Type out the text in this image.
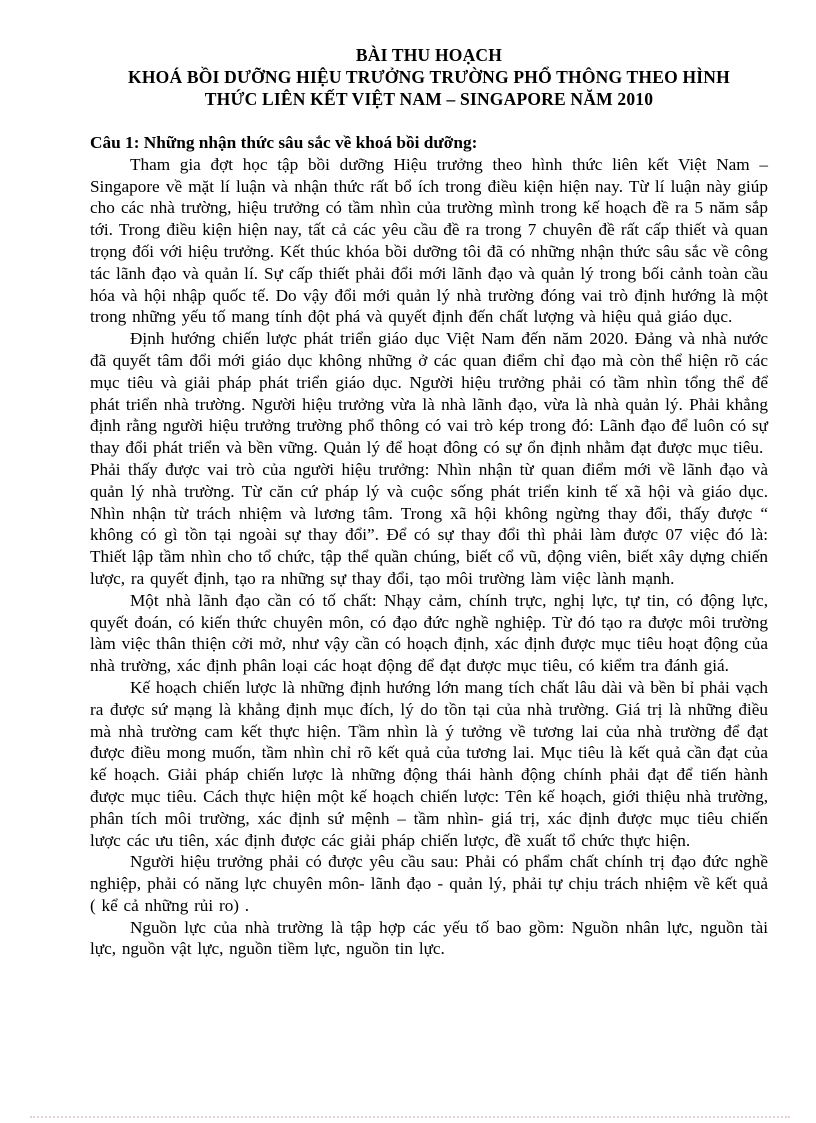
BÀI THU HOẠCH
KHOÁ BỒI DƯỠNG HIỆU TRƯỞNG TRƯỜNG PHỔ THÔNG THEO HÌNH
THỨC LIÊN KẾT VIỆT NAM – SINGAPORE NĂM 2010
Câu 1: Những nhận thức sâu sắc về khoá bồi dưỡng:

Tham gia đợt học tập bồi dưỡng Hiệu trưởng theo hình thức liên kết Việt Nam – Singapore về mặt lí luận và nhận thức rất bổ ích trong điều kiện hiện nay. Từ lí luận này giúp cho các nhà trường, hiệu trưởng có tầm nhìn của trường mình trong kế hoạch đề ra 5 năm sắp tới. Trong điều kiện hiện nay, tất cả các yêu cầu đề ra trong 7 chuyên đề rất cấp thiết và quan trọng đối với hiệu trưởng. Kết thúc khóa bồi dưỡng tôi đã có những nhận thức sâu sắc về công tác lãnh đạo và quản lí. Sự cấp thiết phải đổi mới lãnh đạo và quản lý trong bối cảnh toàn cầu hóa và hội nhập quốc tế. Do vậy đổi mới quản lý nhà trường đóng vai trò định hướng là một trong những yếu tố mang tính đột phá và quyết định đến chất lượng và hiệu quả giáo dục.

Định hướng chiến lược phát triển giáo dục Việt Nam đến năm 2020. Đảng và nhà nước đã quyết tâm đổi mới giáo dục không những ở các quan điểm chỉ đạo mà còn thể hiện rõ các mục tiêu và giải pháp phát triển giáo dục. Người hiệu trưởng phải có tầm nhìn tổng thể để phát triển nhà trường. Người hiệu trưởng vừa là nhà lãnh đạo, vừa là nhà quản lý. Phải khẳng định rằng người hiệu trưởng trường phổ thông có vai trò kép trong đó: Lãnh đạo để luôn có sự thay đổi phát triển và bền vững. Quản lý để hoạt đông có sự ổn định nhằm đạt được mục tiêu.

Phải thấy được vai trò của người hiệu trưởng: Nhìn nhận từ quan điểm mới về lãnh đạo và quản lý nhà trường. Từ căn cứ pháp lý và cuộc sống phát triển kinh tế xã hội và giáo dục. Nhìn nhận từ trách nhiệm và lương tâm. Trong xã hội không ngừng thay đổi, thấy được “ không có gì tồn tại ngoài sự thay đổi”. Để có sự thay đổi thì phải làm được 07 việc đó là: Thiết lập tầm nhìn cho tổ chức, tập thể quần chúng, biết cổ vũ, động viên, biết xây dựng chiến lược, ra quyết định, tạo ra những sự thay đổi, tạo môi trường làm việc lành mạnh.

Một nhà lãnh đạo cần có tố chất: Nhạy cảm, chính trực, nghị lực, tự tin, có động lực, quyết đoán, có kiến thức chuyên môn, có đạo đức nghề nghiệp. Từ đó tạo ra được môi trường làm việc thân thiện cởi mở, như vậy cần có hoạch định, xác định được mục tiêu hoạt động của nhà trường, xác định phân loại các hoạt động để đạt được mục tiêu, có kiểm tra đánh giá.

Kế hoạch chiến lược là những định hướng lớn mang tích chất lâu dài và bền bỉ phải vạch ra được sứ mạng là khẳng định mục đích, lý do tồn tại của nhà trường. Giá trị là những điều mà nhà trường cam kết thực hiện. Tầm nhìn là ý tưởng về tương lai của nhà trường để đạt được điều mong muốn, tầm nhìn chỉ rõ kết quả của tương lai. Mục tiêu là kết quả cần đạt của kế hoạch. Giải pháp chiến lược là những động thái hành động chính phải đạt để tiến hành được mục tiêu. Cách thực hiện một kế hoạch chiến lược: Tên kế hoạch, giới thiệu nhà trường, phân tích môi trường, xác định sứ mệnh – tầm nhìn- giá trị, xác định được mục tiêu chiến lược các ưu tiên, xác định được các giải pháp chiến lược, đề xuất tổ chức thực hiện.

Người hiệu trưởng phải có được yêu cầu sau: Phải có phẩm chất chính trị đạo đức nghề nghiệp, phải có năng lực chuyên môn- lãnh đạo - quản lý, phải tự chịu trách nhiệm về kết quả ( kể cả những rủi ro) .

Nguồn lực của nhà trường là tập hợp các yếu tố bao gồm: Nguồn nhân lực, nguồn tài lực, nguồn vật lực, nguồn tiềm lực, nguồn tin lực.
